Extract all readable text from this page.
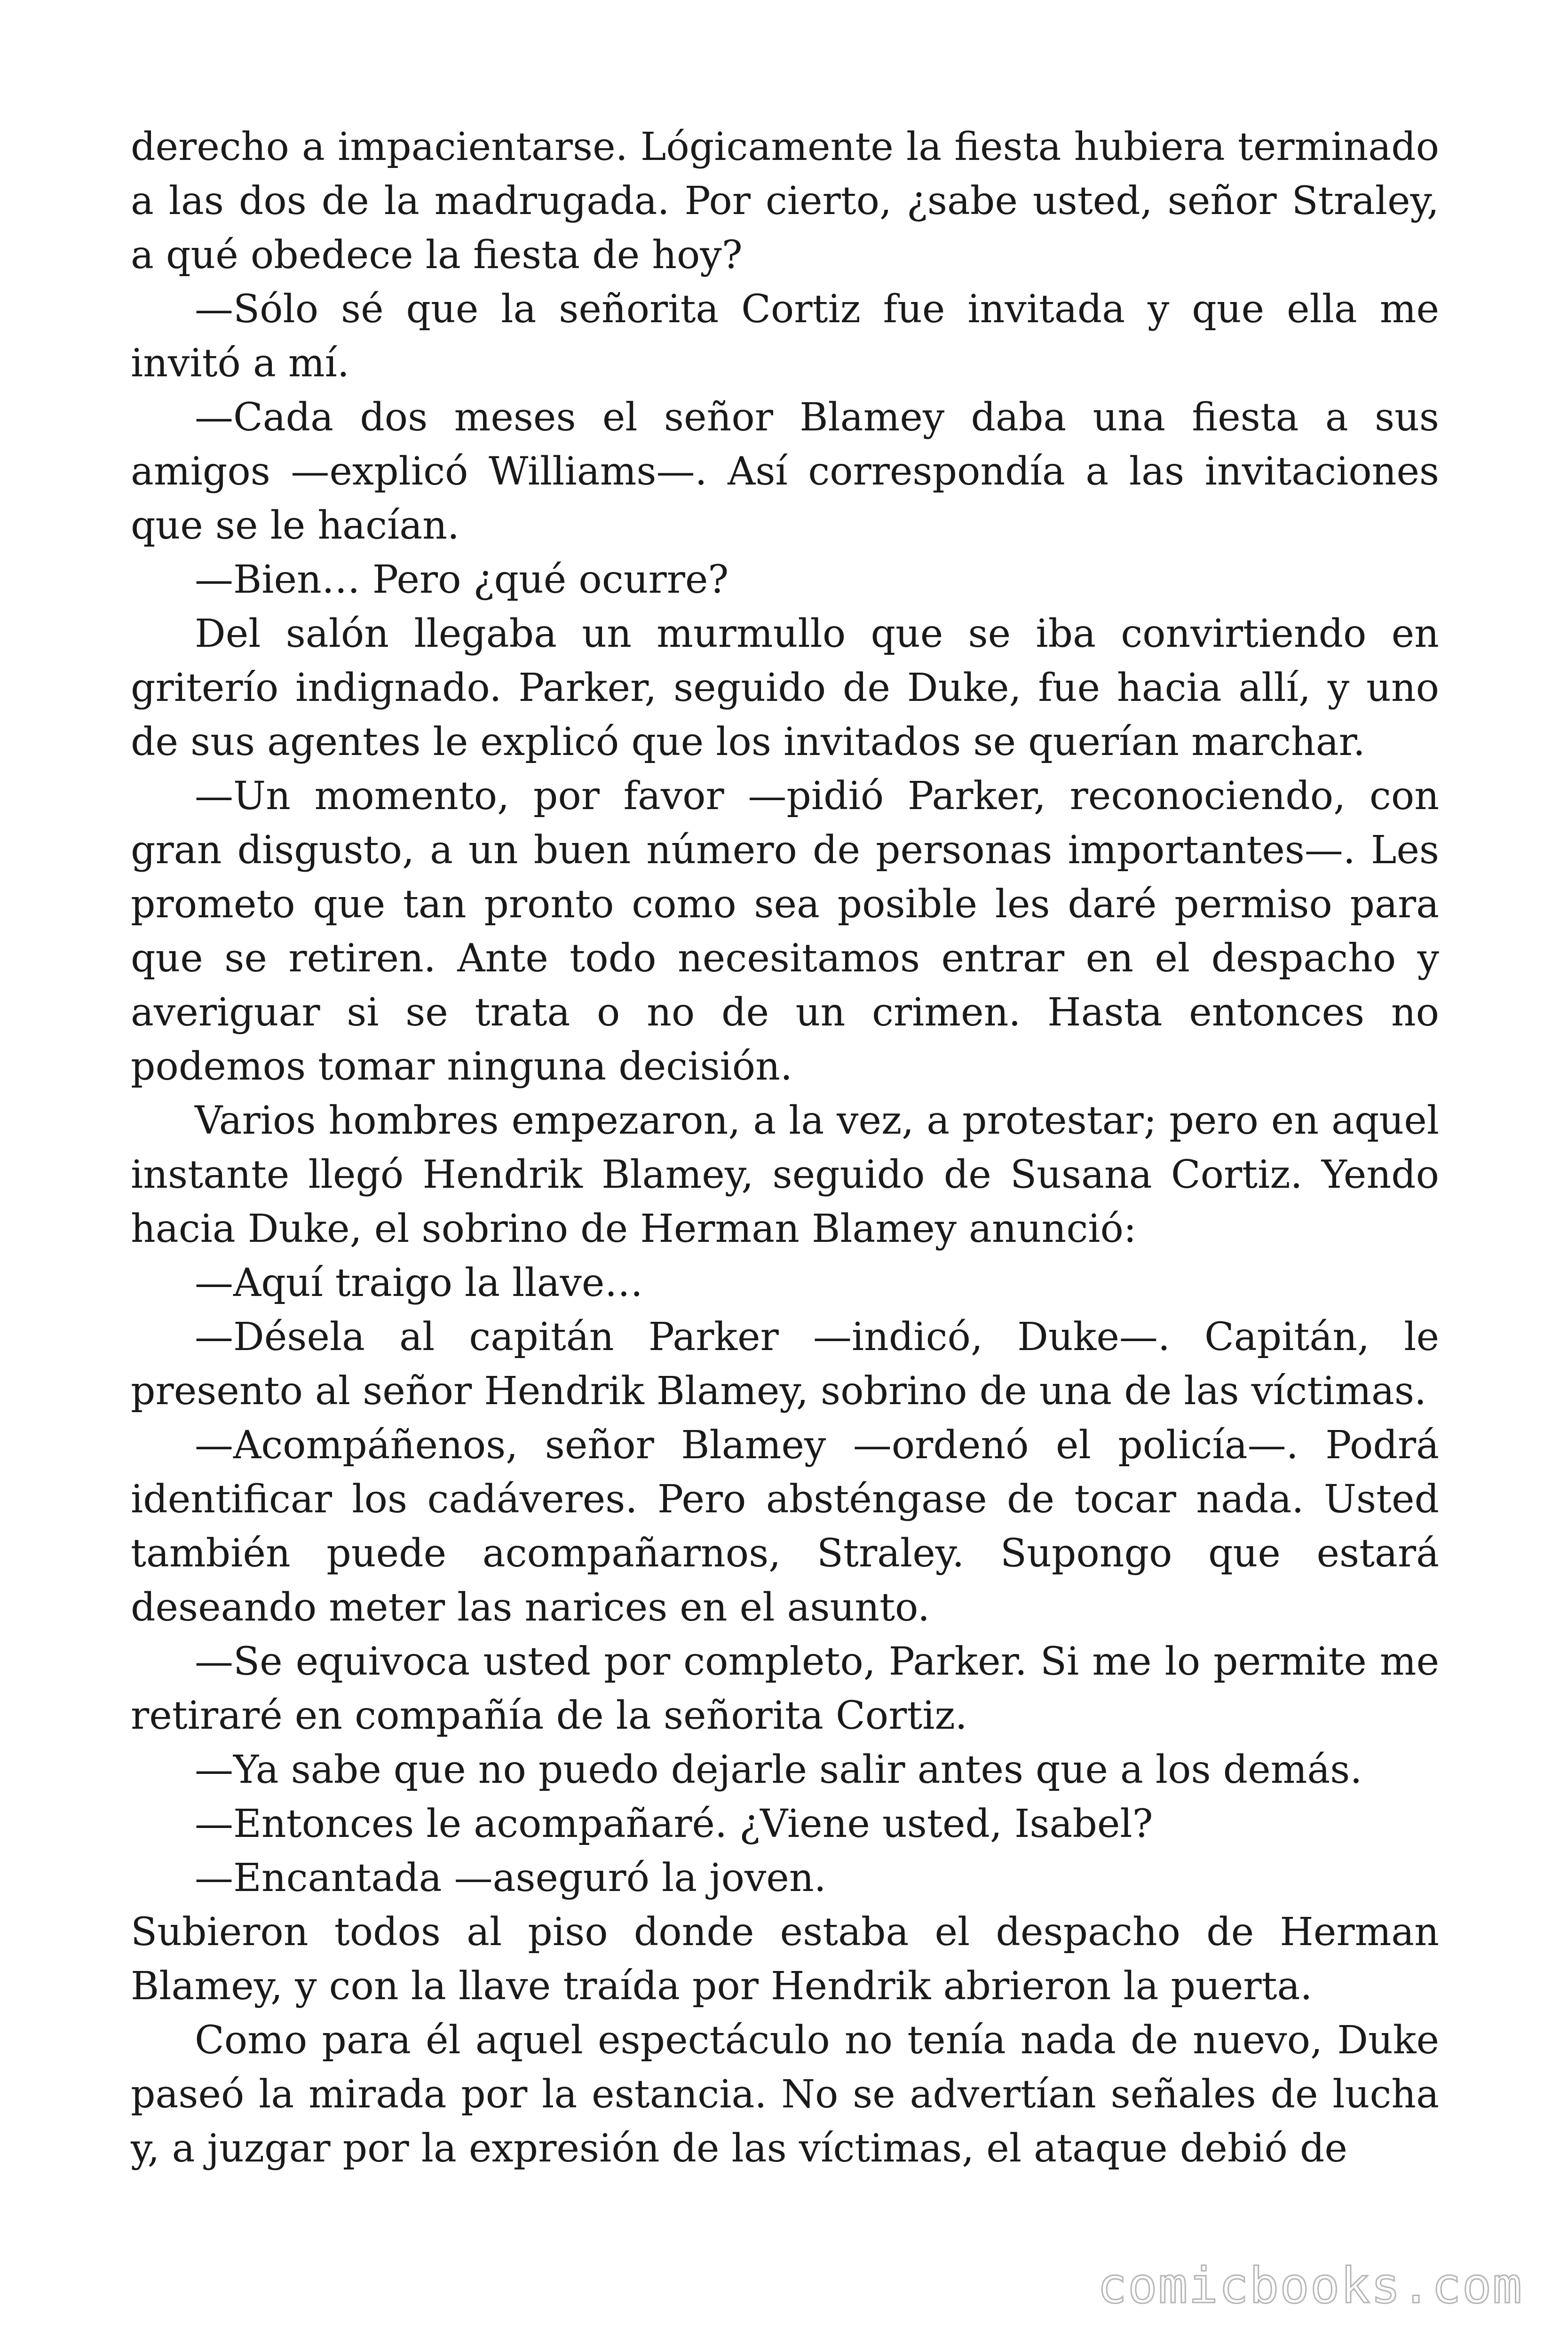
derecho a impacientarse. Lógicamente la fiesta hubiera terminado a las dos de la madrugada. Por cierto, ¿sabe usted, señor Straley, a qué obedece la fiesta de hoy?

—Sólo sé que la señorita Cortiz fue invitada y que ella me invitó a mí.

—Cada dos meses el señor Blamey daba una fiesta a sus amigos —explicó Williams—. Así correspondía a las invitaciones que se le hacían.

—Bien… Pero ¿qué ocurre?

Del salón llegaba un murmullo que se iba convirtiendo en griterío indignado. Parker, seguido de Duke, fue hacia allí, y uno de sus agentes le explicó que los invitados se querían marchar.

—Un momento, por favor —pidió Parker, reconociendo, con gran disgusto, a un buen número de personas importantes—. Les prometo que tan pronto como sea posible les daré permiso para que se retiren. Ante todo necesitamos entrar en el despacho y averiguar si se trata o no de un crimen. Hasta entonces no podemos tomar ninguna decisión.

Varios hombres empezaron, a la vez, a protestar; pero en aquel instante llegó Hendrik Blamey, seguido de Susana Cortiz. Yendo hacia Duke, el sobrino de Herman Blamey anunció:

—Aquí traigo la llave…

—Désela al capitán Parker —indicó, Duke—. Capitán, le presento al señor Hendrik Blamey, sobrino de una de las víctimas.

—Acompáñenos, señor Blamey —ordenó el policía—. Podrá identificar los cadáveres. Pero absténgase de tocar nada. Usted también puede acompañarnos, Straley. Supongo que estará deseando meter las narices en el asunto.

—Se equivoca usted por completo, Parker. Si me lo permite me retiraré en compañía de la señorita Cortiz.

—Ya sabe que no puedo dejarle salir antes que a los demás.

—Entonces le acompañaré. ¿Viene usted, Isabel?

—Encantada —aseguró la joven.

Subieron todos al piso donde estaba el despacho de Herman Blamey, y con la llave traída por Hendrik abrieron la puerta.

Como para él aquel espectáculo no tenía nada de nuevo, Duke paseó la mirada por la estancia. No se advertían señales de lucha y, a juzgar por la expresión de las víctimas, el ataque debió de

comicbooks.com
